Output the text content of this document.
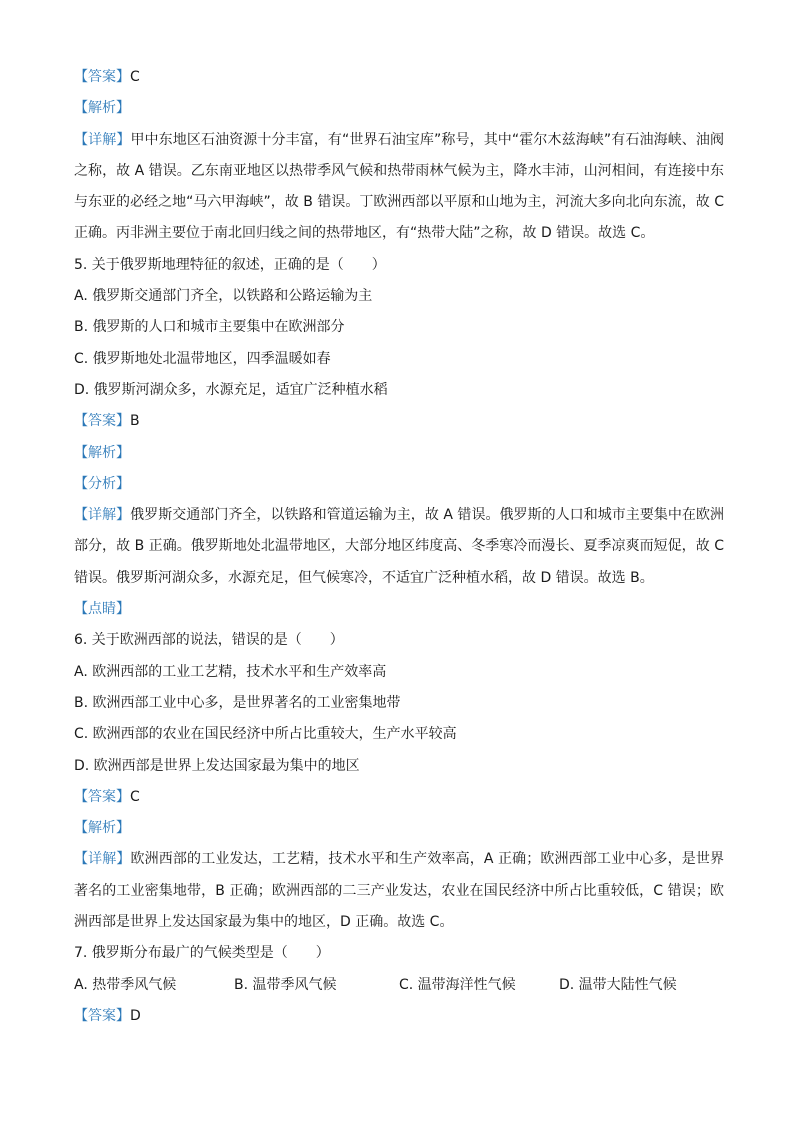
【答案】C
【解析】
【详解】甲中东地区石油资源十分丰富，有“世界石油宝库”称号，其中“霍尔木兹海峡”有石油海峡、油阀之称，故 A 错误。乙东南亚地区以热带季风气候和热带雨林气候为主，降水丰沛，山河相间，有连接中东与东亚的必经之地“马六甲海峡”，故 B 错误。丁欧洲西部以平原和山地为主，河流大多向北向东流，故 C 正确。丙非洲主要位于南北回归线之间的热带地区，有“热带大陆”之称，故 D 错误。故选 C。
5. 关于俄罗斯地理特征的叙述，正确的是（　　）
A. 俄罗斯交通部门齐全，以铁路和公路运输为主
B. 俄罗斯的人口和城市主要集中在欧洲部分
C. 俄罗斯地处北温带地区，四季温暖如春
D. 俄罗斯河湖众多，水源充足，适宜广泛种植水稻
【答案】B
【解析】
【分析】
【详解】俄罗斯交通部门齐全，以铁路和管道运输为主，故 A 错误。俄罗斯的人口和城市主要集中在欧洲部分，故 B 正确。俄罗斯地处北温带地区，大部分地区纬度高、冬季寒冷而漫长、夏季凉爽而短促，故 C 错误。俄罗斯河湖众多，水源充足，但气候寒冷，不适宜广泛种植水稻，故 D 错误。故选 B。
【点睛】
6. 关于欧洲西部的说法，错误的是（　　）
A. 欧洲西部的工业工艺精，技术水平和生产效率高
B. 欧洲西部工业中心多，是世界著名的工业密集地带
C. 欧洲西部的农业在国民经济中所占比重较大，生产水平较高
D. 欧洲西部是世界上发达国家最为集中的地区
【答案】C
【解析】
【详解】欧洲西部的工业发达，工艺精，技术水平和生产效率高，A 正确；欧洲西部工业中心多，是世界著名的工业密集地带，B 正确；欧洲西部的二三产业发达，农业在国民经济中所占比重较低，C 错误；欧洲西部是世界上发达国家最为集中的地区，D 正确。故选 C。
7. 俄罗斯分布最广的气候类型是（　　）
A. 热带季风气候	B. 温带季风气候	C. 温带海洋性气候	D. 温带大陆性气候
【答案】D
